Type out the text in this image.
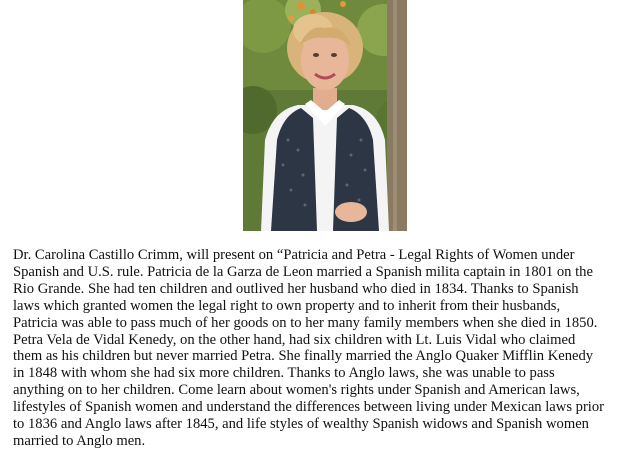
Dr. Carolina Castillo Crimm, will present on “Patricia and Petra - Legal Rights of Women under
Spanish and U.S. rule. Patricia de la Garza de Leon married a Spanish milita captain in 1801 on the
Rio Grande. She had ten children and outlived her husband who died in 1834. Thanks to Spanish
laws which granted women the legal right to own property and to inherit from their husbands,
Patricia was able to pass much of her goods on to her many family members when she died in 1850.
Petra Vela de Vidal Kenedy, on the other hand, had six children with Lt. Luis Vidal who claimed
them as his children but never married Petra. She finally married the Anglo Quaker Mifflin Kenedy
in 1848 with whom she had six more children. Thanks to Anglo laws, she was unable to pass
anything on to her children. Come learn about women's rights under Spanish and American laws,
lifestyles of Spanish women and understand the differences between living under Mexican laws prior
to 1836 and Anglo laws after 1845, and life styles of wealthy Spanish widows and Spanish women
married to Anglo men.
